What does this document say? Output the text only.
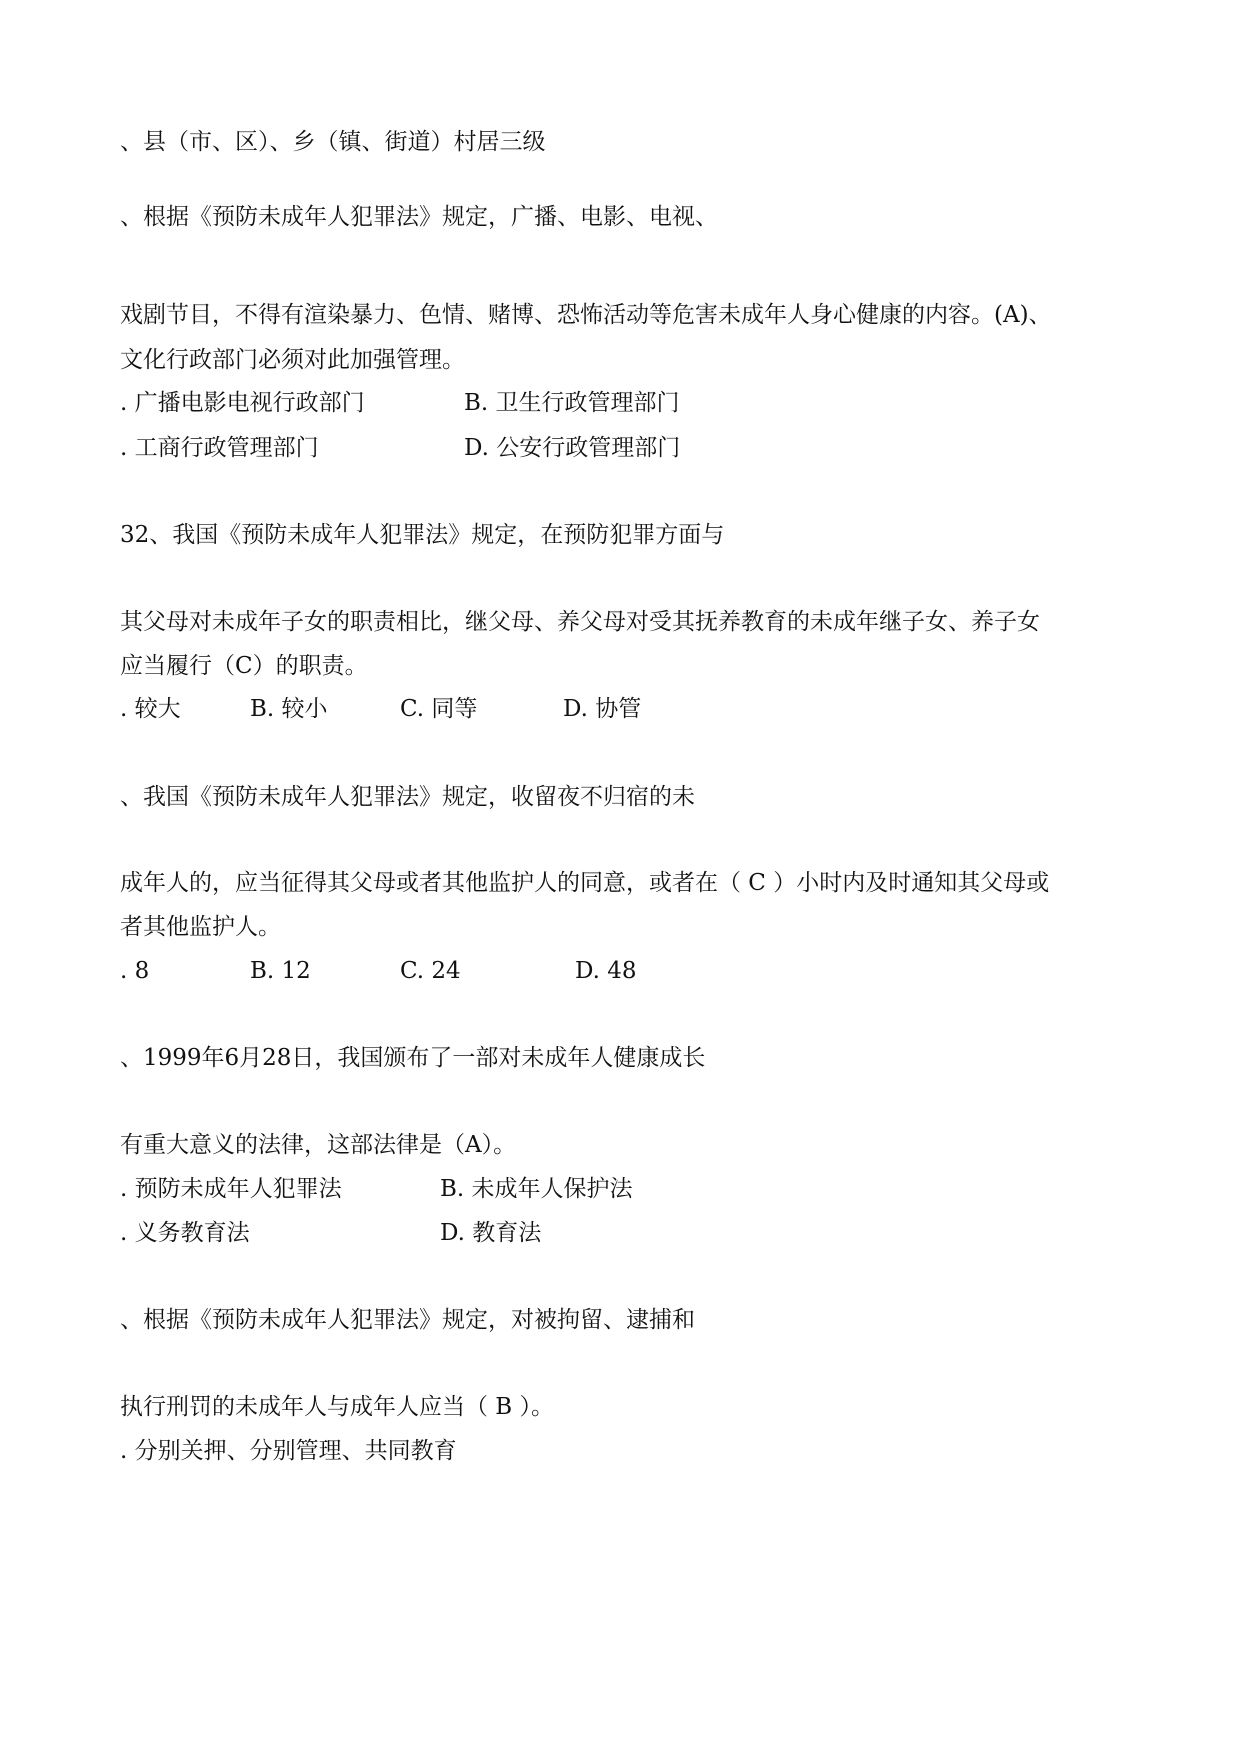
、县（市、区）、乡（镇、街道）村居三级

、根据《预防未成年人犯罪法》规定，广播、电影、电视、

戏剧节目，不得有渲染暴力、色情、赌博、恐怖活动等危害未成年人身心健康的内容。(A)、

文化行政部门必须对此加强管理。

. 广播电影电视行政部门	B. 卫生行政管理部门

. 工商行政管理部门	D. 公安行政管理部门

32、我国《预防未成年人犯罪法》规定，在预防犯罪方面与

其父母对未成年子女的职责相比，继父母、养父母对受其抚养教育的未成年继子女、养子女

应当履行（C）的职责。

. 较大	B. 较小	C. 同等	D. 协管

、我国《预防未成年人犯罪法》规定，收留夜不归宿的未

成年人的，应当征得其父母或者其他监护人的同意，或者在（ C ）小时内及时通知其父母或

者其他监护人。

. 8	B. 12	C. 24	D. 48

、1999年6月28日，我国颁布了一部对未成年人健康成长

有重大意义的法律，这部法律是（A）。

. 预防未成年人犯罪法	B. 未成年人保护法

. 义务教育法	D. 教育法

、根据《预防未成年人犯罪法》规定，对被拘留、逮捕和

执行刑罚的未成年人与成年人应当（ B ）。

. 分别关押、分别管理、共同教育
